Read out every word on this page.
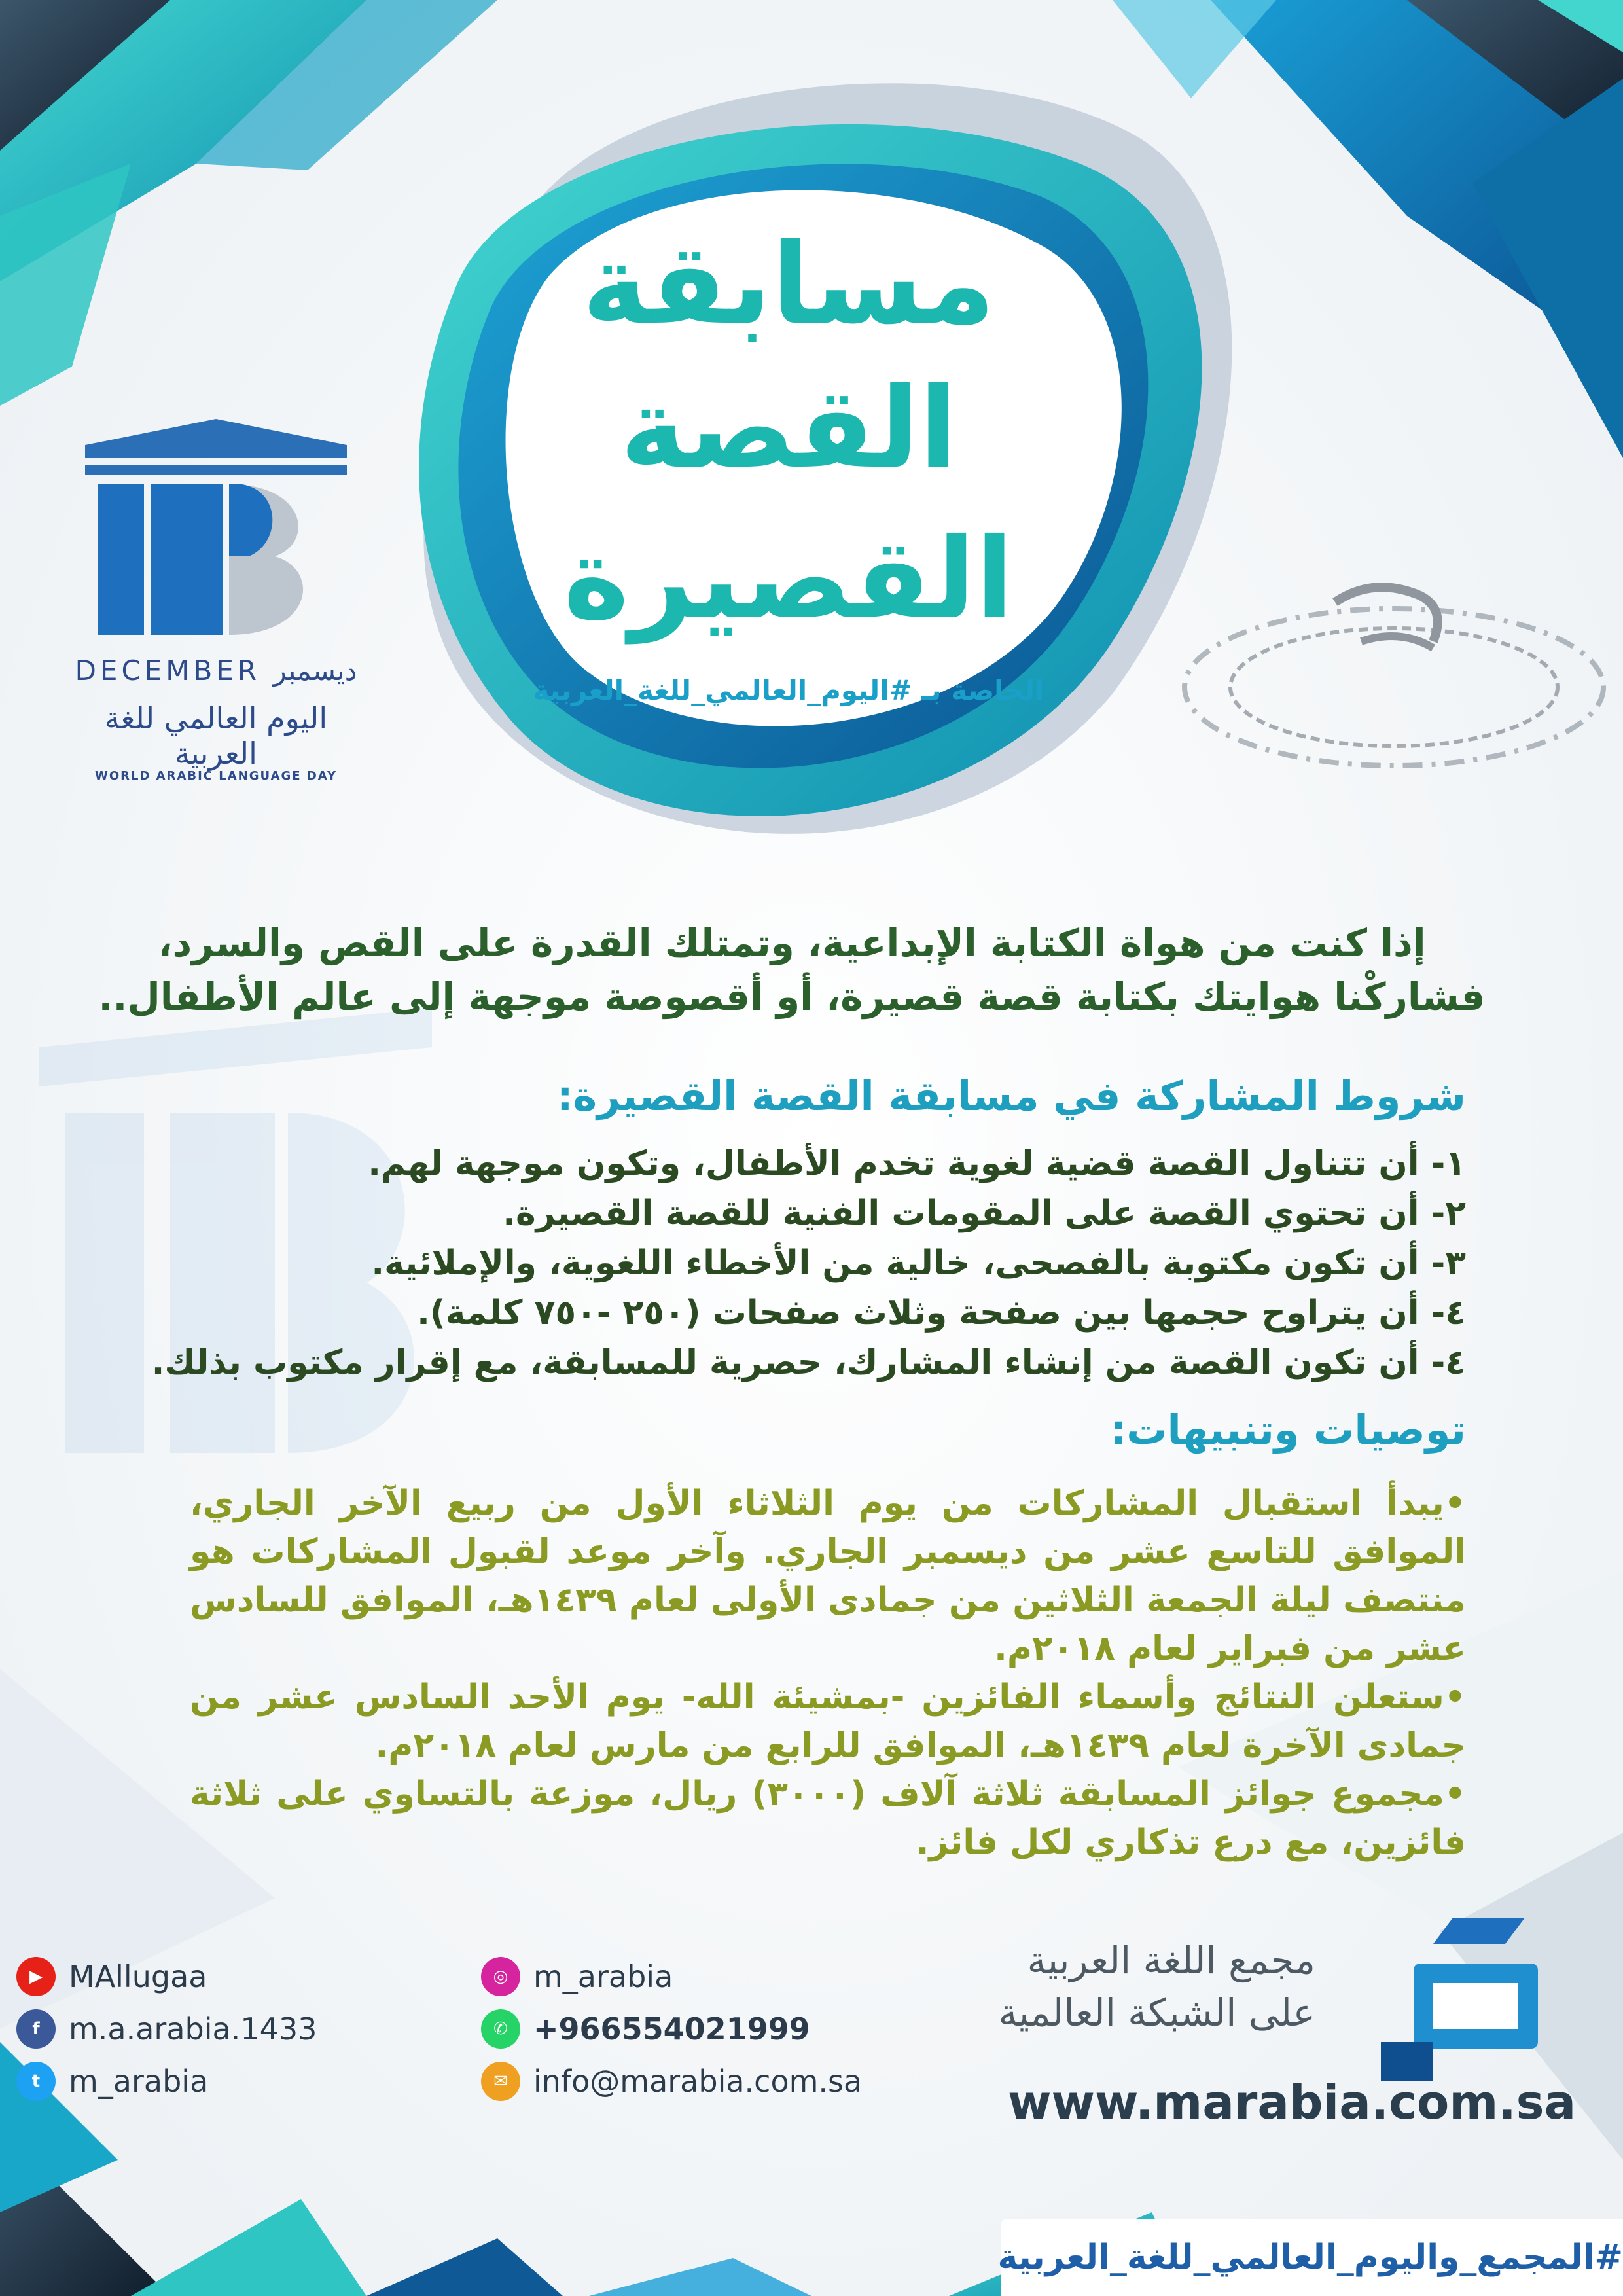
مسابقة
القصة القصيرة
الخاصة بـ #اليوم_العالمي_للغة_العربية
DECEMBER ديسمبر
اليوم العالمي للغة العربية
WORLD ARABIC LANGUAGE DAY
إذا كنت من هواة الكتابة الإبداعية، وتمتلك القدرة على القص والسرد،
فشاركْنا هوايتك بكتابة قصة قصيرة، أو أقصوصة موجهة إلى عالم الأطفال..
شروط المشاركة في مسابقة القصة القصيرة:
١- أن تتناول القصة قضية لغوية تخدم الأطفال، وتكون موجهة لهم.
٢- أن تحتوي القصة على المقومات الفنية للقصة القصيرة.
٣- أن تكون مكتوبة بالفصحى، خالية من الأخطاء اللغوية، والإملائية.
٤- أن يتراوح حجمها بين صفحة وثلاث صفحات (٢٥٠ -٧٥٠ كلمة).
٤- أن تكون القصة من إنشاء المشارك، حصرية للمسابقة، مع إقرار مكتوب بذلك.
توصيات وتنبيهات:
•يبدأ استقبال المشاركات من يوم الثلاثاء الأول من ربيع الآخر الجاري، الموافق للتاسع عشر من ديسمبر الجاري. وآخر موعد لقبول المشاركات هو منتصف ليلة الجمعة الثلاثين من جمادى الأولى لعام ١٤٣٩هـ، الموافق للسادس عشر من فبراير لعام ٢٠١٨م.
•ستعلن النتائج وأسماء الفائزين -بمشيئة الله- يوم الأحد السادس عشر من جمادى الآخرة لعام ١٤٣٩هـ، الموافق للرابع من مارس لعام ٢٠١٨م.
•مجموع جوائز المسابقة ثلاثة آلاف (٣٠٠٠) ريال، موزعة بالتساوي على ثلاثة فائزين، مع درع تذكاري لكل فائز.
▶ MAllugaa
f m.a.arabia.1433
t m_arabia
◎ m_arabia
✆ +966554021999
✉ info@marabia.com.sa
مجمع اللغة العربية
على الشبكة العالمية
www.marabia.com.sa
#المجمع_واليوم_العالمي_للغة_العربية
